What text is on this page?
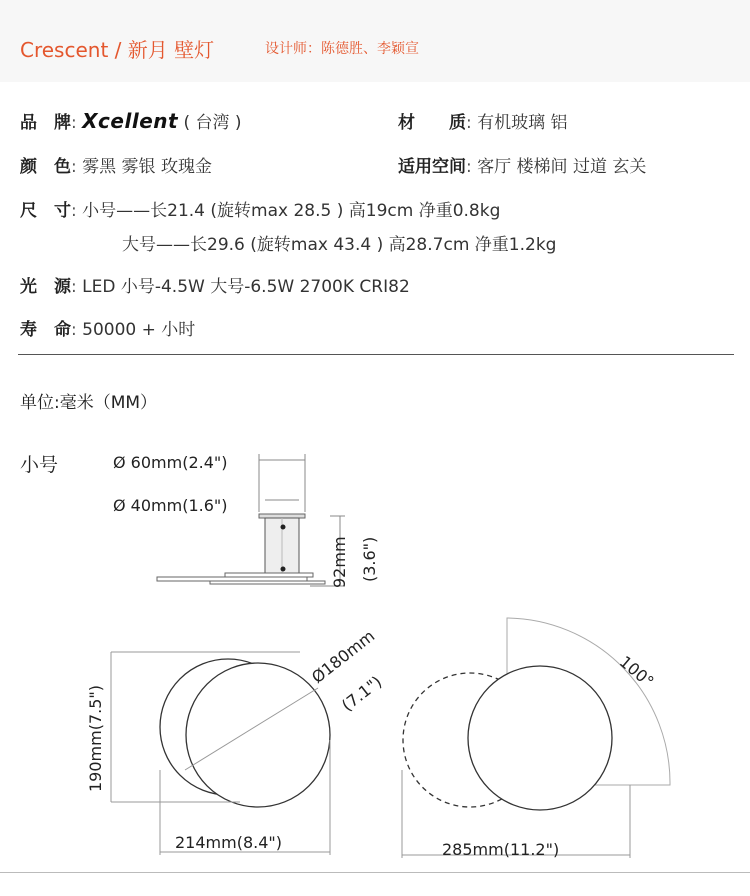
Crescent / 新月 壁灯	设计师：陈德胜、李颖宣
品　牌: Xcellent ( 台湾 )	材　　质: 有机玻璃 铝
颜　色: 雾黑 雾银 玫瑰金	适用空间: 客厅 楼梯间 过道 玄关
尺　寸: 小号——长21.4 (旋转max 28.5 ) 高19cm 净重0.8kg
大号——长29.6 (旋转max 43.4 ) 高28.7cm 净重1.2kg
光　源: LED 小号-4.5W 大号-6.5W 2700K CRI82
寿　命: 50000 + 小时
单位:毫米（MM）
小号	Ø 60mm(2.4")
Ø 40mm(1.6")
92mm (3.6")
190mm(7.5")
214mm(8.4")
Ø180mm
(7.1")
285mm(11.2")
100°
